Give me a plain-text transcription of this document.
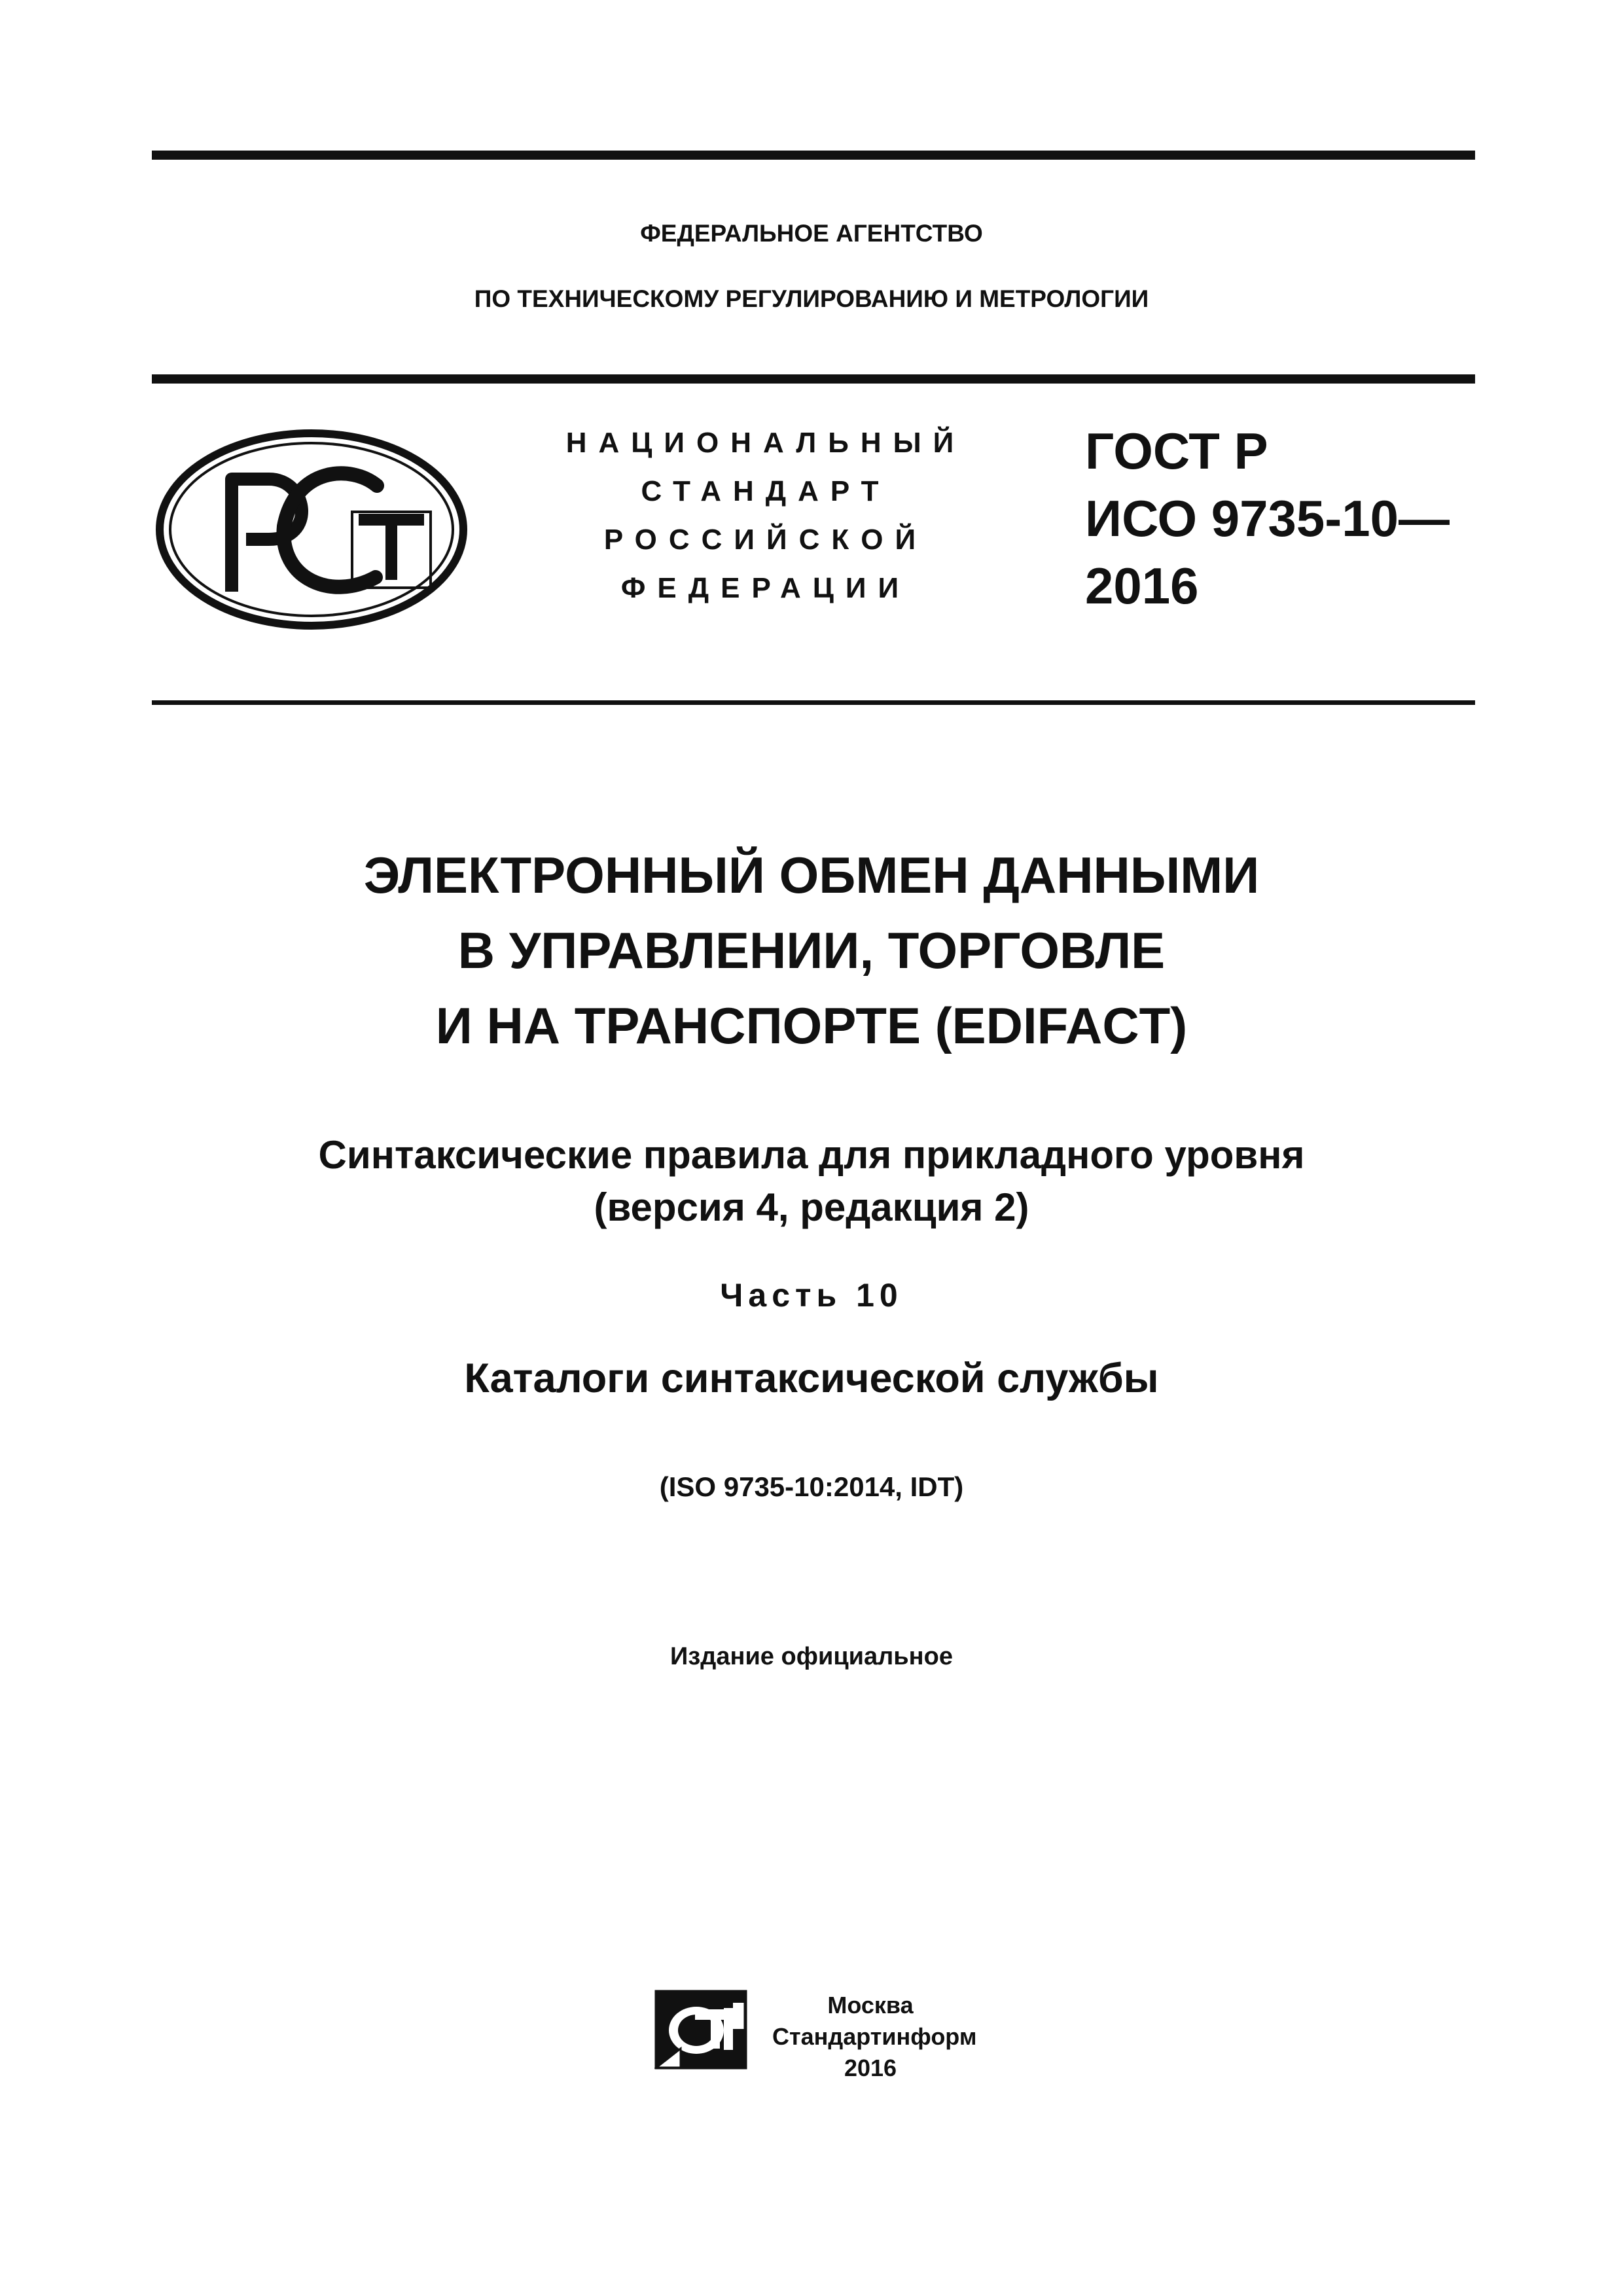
ФЕДЕРАЛЬНОЕ АГЕНТСТВО
ПО ТЕХНИЧЕСКОМУ РЕГУЛИРОВАНИЮ И МЕТРОЛОГИИ
НАЦИОНАЛЬНЫЙ
СТАНДАРТ
РОССИЙСКОЙ
ФЕДЕРАЦИИ
ГОСТ Р
ИСО 9735-10—
2016
ЭЛЕКТРОННЫЙ ОБМЕН ДАННЫМИ
В УПРАВЛЕНИИ, ТОРГОВЛЕ
И НА ТРАНСПОРТЕ (EDIFACT)
Синтаксические правила для прикладного уровня
(версия 4, редакция 2)
Часть 10
Каталоги синтаксической службы
(ISO 9735-10:2014, IDT)
Издание официальное
Москва
Стандартинформ
2016
